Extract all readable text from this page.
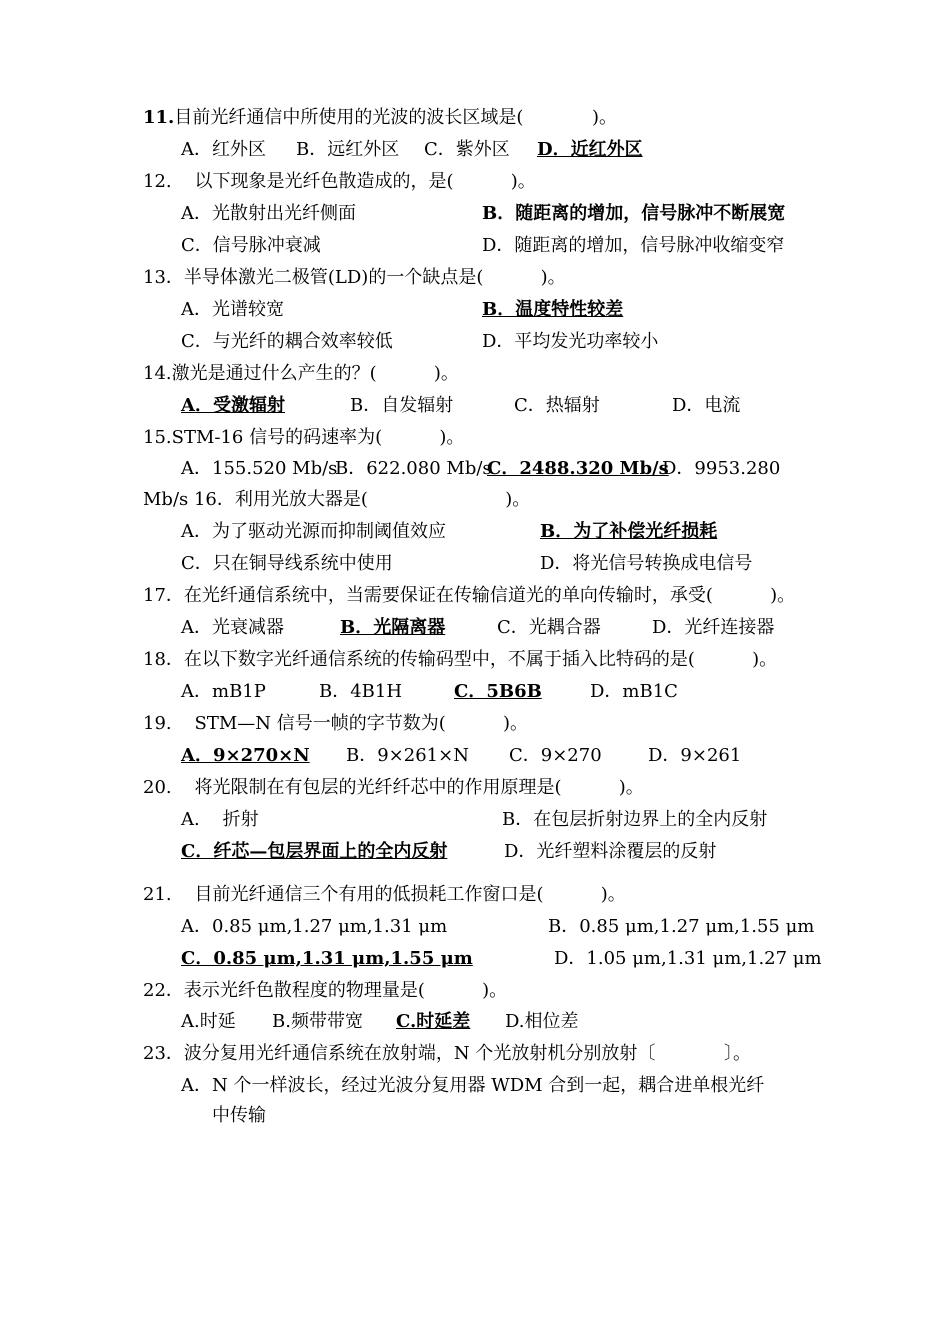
11.目前光纤通信中所使用的光波的波长区域是(            )。
A．红外区 B．远红外区 C．紫外区 D．近红外区
12.    以下现象是光纤色散造成的，是(          )。
A．光散射出光纤侧面	B．随距离的增加，信号脉冲不断展宽
C．信号脉冲衰减	D．随距离的增加，信号脉冲收缩变窄
13．半导体激光二极管(LD)的一个缺点是(          )。
A．光谱较宽	B．温度特性较差
C．与光纤的耦合效率较低	D．平均发光功率较小
14.激光是通过什么产生的？(          )。
A．受激辐射	B．自发辐射	C．热辐射	D．电流
15.STM-16 信号的码速率为(          )。
A．155.520 Mb/s
B．622.080 Mb/s
C．2488.320 Mb/s
D．9953.280
Mb/s 16．利用光放大器是(                        )。
A．为了驱动光源而抑制阈值效应	B．为了补偿光纤损耗
C．只在铜导线系统中使用	D．将光信号转换成电信号
17．在光纤通信系统中，当需要保证在传输信道光的单向传输时，承受(          )。
A．光衰减器	B．光隔离器	C．光耦合器	D．光纤连接器
18．在以下数字光纤通信系统的传输码型中，不属于插入比特码的是(          )。
A．mB1P	B．4B1H	C．5B6B	D．mB1C
19.    STM—N 信号一帧的字节数为(          )。
A．9×270×N B．9×261×N C．9×270	D．9×261
20.    将光限制在有包层的光纤纤芯中的作用原理是(          )。
A.    折射	B．在包层折射边界上的全内反射
C．纤芯—包层界面上的全内反射	D．光纤塑料涂覆层的反射
21.    目前光纤通信三个有用的低损耗工作窗口是(          )。
A．0.85 μm,1.27 μm,1.31 μm	B．0.85 μm,1.27 μm,1.55 μm
C．0.85 μm,1.31 μm,1.55 μm	D．1.05 μm,1.31 μm,1.27 μm
22．表示光纤色散程度的物理量是(          )。
A.时延 B.频带带宽	C.时延差	D.相位差
23．波分复用光纤通信系统在放射端，N 个光放射机分别放射〔            〕。
A．N 个一样波长，经过光波分复用器 WDM 合到一起，耦合进单根光纤
中传输
